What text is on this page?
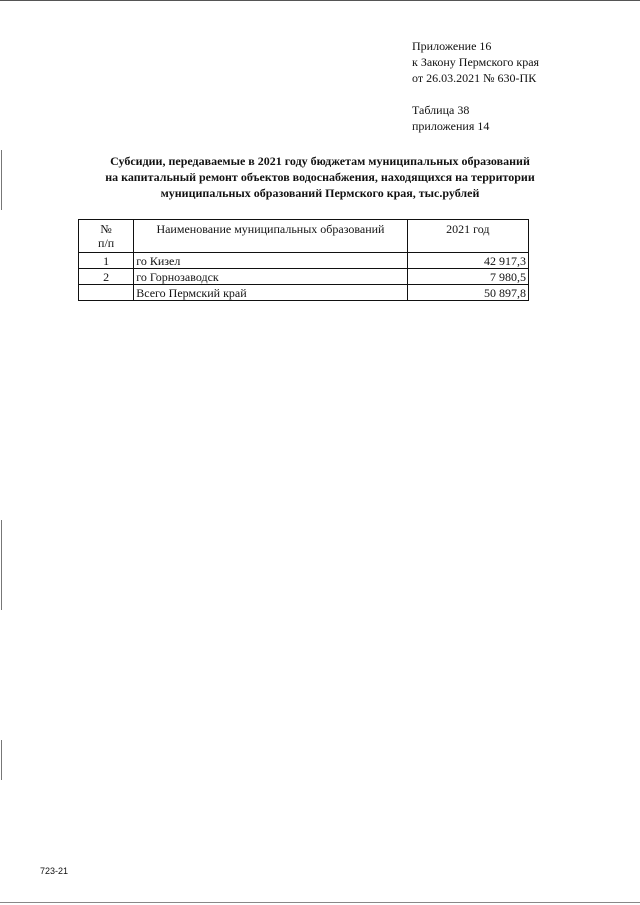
Приложение 16
к Закону Пермского края
от 26.03.2021 № 630-ПК
Таблица 38
приложения 14
Субсидии, передаваемые в 2021 году бюджетам муниципальных образований
на капитальный ремонт объектов водоснабжения, находящихся на территории
муниципальных образований Пермского края, тыс.рублей
№
п/п	Наименование муниципальных образований	2021 год
1	го Кизел	42 917,3
2	го Горнозаводск	7 980,5
	Всего Пермский край	50 897,8
723-21
